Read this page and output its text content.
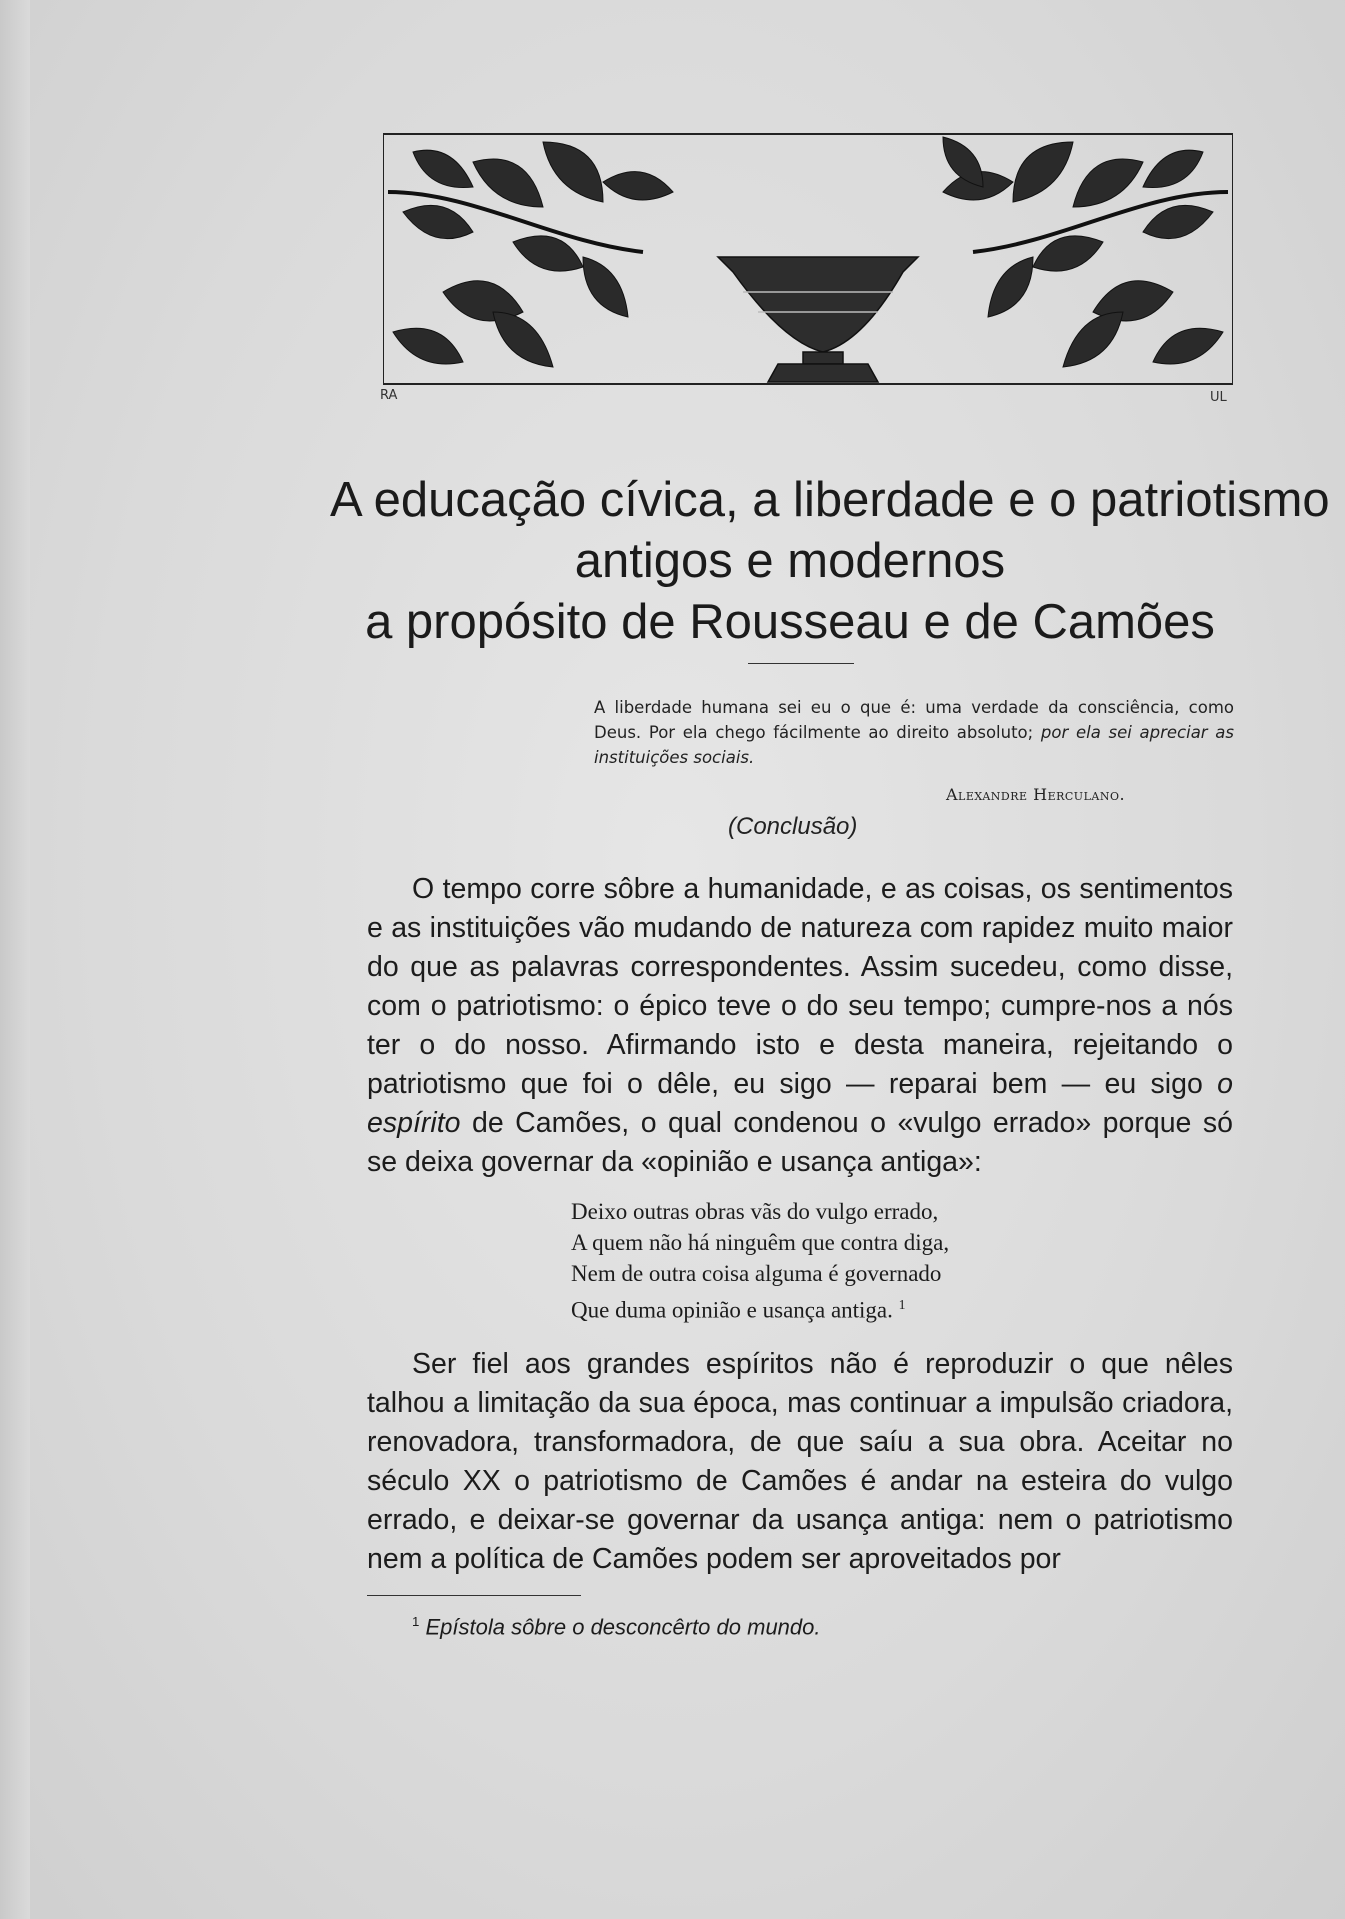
RA	UL
A educação cívica, a liberdade e o patriotismo
antigos e modernos
a propósito de Rousseau e de Camões
A liberdade humana sei eu o que é: uma verdade da consciência, como Deus. Por ela chego fácilmente ao direito absoluto; por ela sei apreciar as instituições sociais.
Alexandre Herculano.
(Conclusão)
O tempo corre sôbre a humanidade, e as coisas, os sentimentos e as instituições vão mudando de natureza com rapidez muito maior do que as palavras correspondentes. Assim sucedeu, como disse, com o patriotismo: o épico teve o do seu tempo; cumpre-nos a nós ter o do nosso. Afirmando isto e desta maneira, rejeitando o patriotismo que foi o dêle, eu sigo — reparai bem — eu sigo o espírito de Camões, o qual condenou o «vulgo errado» porque só se deixa governar da «opinião e usança antiga»:
Deixo outras obras vãs do vulgo errado,
A quem não há ninguêm que contra diga,
Nem de outra coisa alguma é governado
Que duma opinião e usança antiga. $^1$
Ser fiel aos grandes espíritos não é reproduzir o que nêles talhou a limitação da sua época, mas continuar a impulsão criadora, renovadora, transformadora, de que saíu a sua obra. Aceitar no século XX o patriotismo de Camões é andar na esteira do vulgo errado, e deixar-se governar da usança antiga: nem o patriotismo nem a política de Camões podem ser aproveitados por
$^1$ Epístola sôbre o desconcêrto do mundo.
